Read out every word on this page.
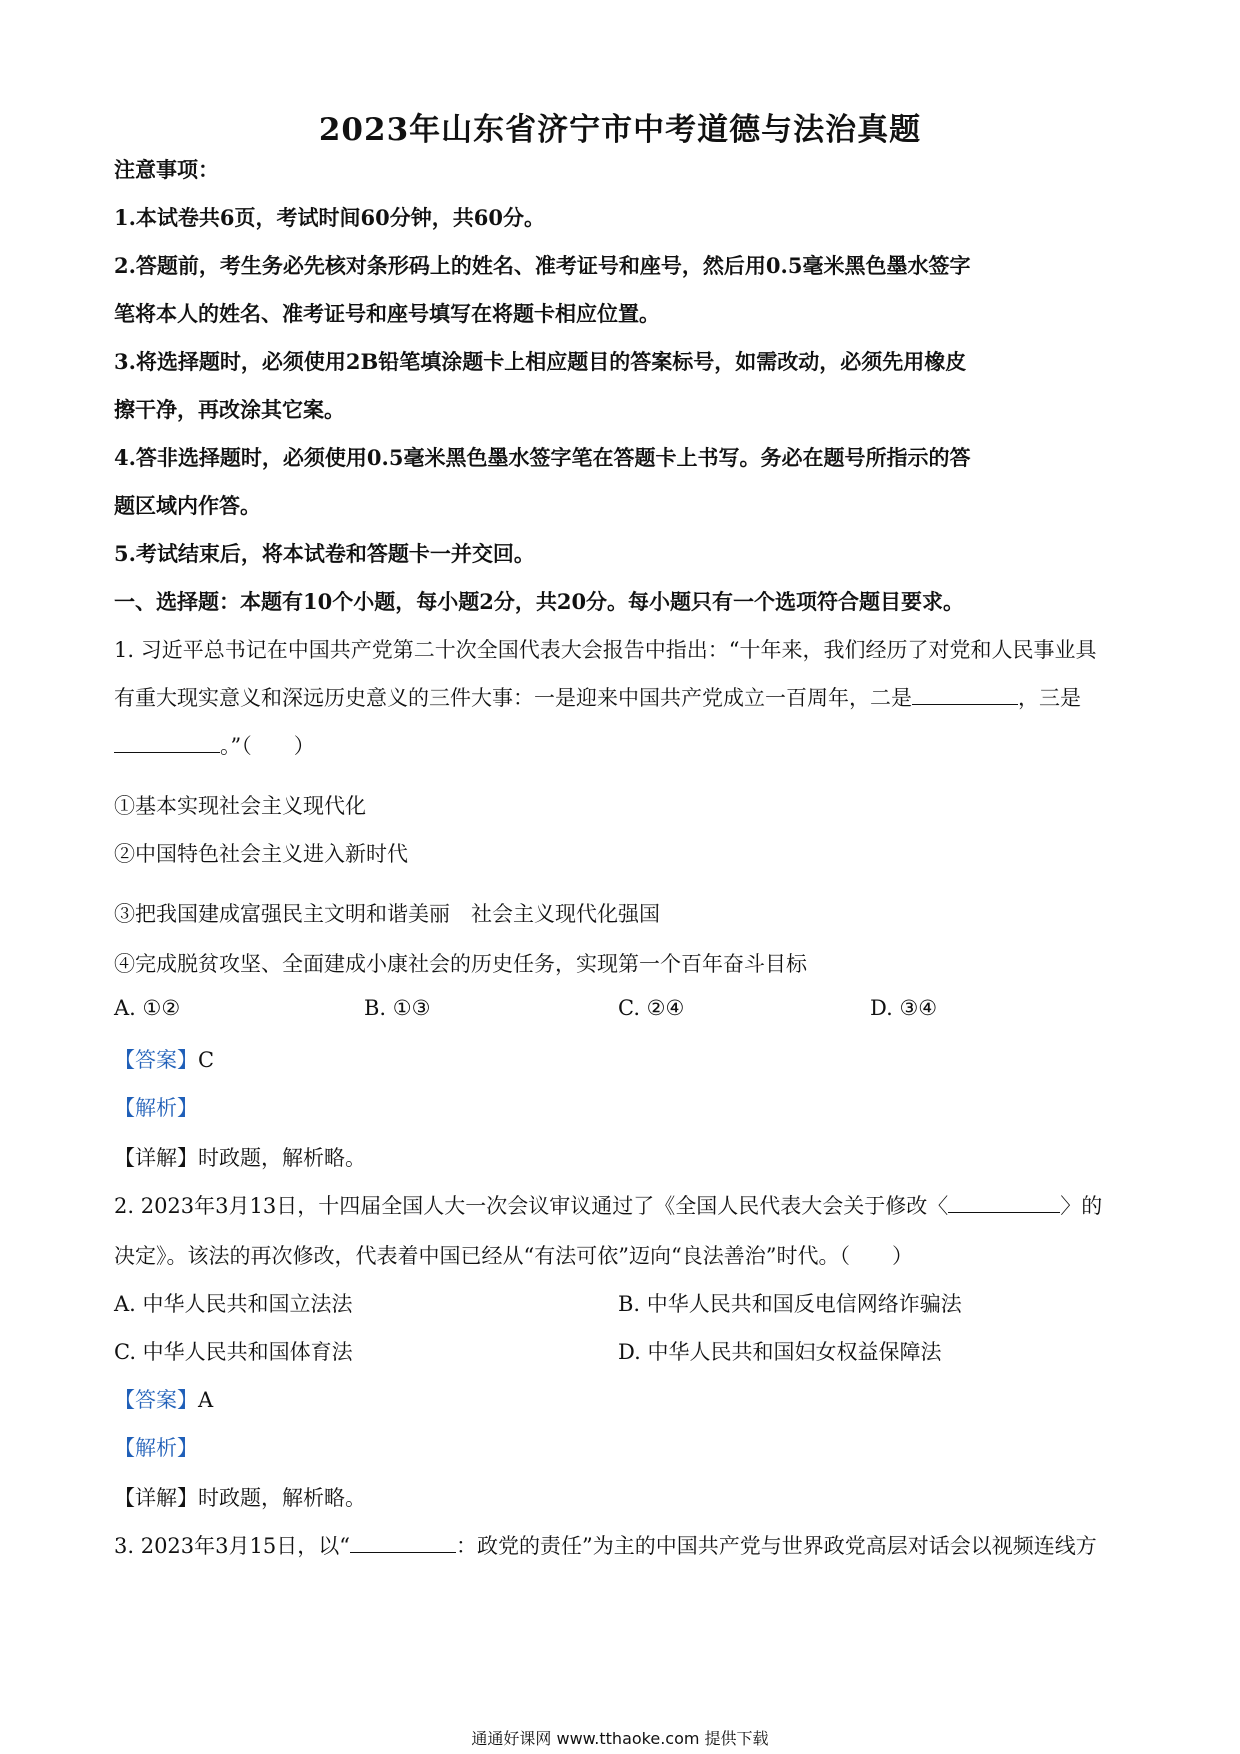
2023年山东省济宁市中考道德与法治真题
注意事项：
1.本试卷共6页，考试时间60分钟，共60分。
2.答题前，考生务必先核对条形码上的姓名、准考证号和座号，然后用0.5毫米黑色墨水签字
笔将本人的姓名、准考证号和座号填写在将题卡相应位置。
3.将选择题时，必须使用2B铅笔填涂题卡上相应题目的答案标号，如需改动，必须先用橡皮
擦干净，再改涂其它案。
4.答非选择题时，必须使用0.5毫米黑色墨水签字笔在答题卡上书写。务必在题号所指示的答
题区域内作答。
5.考试结束后，将本试卷和答题卡一并交回。
一、选择题：本题有10个小题，每小题2分，共20分。每小题只有一个选项符合题目要求。
1. 习近平总书记在中国共产党第二十次全国代表大会报告中指出：“十年来，我们经历了对党和人民事业具
有重大现实意义和深远历史意义的三件大事：一是迎来中国共产党成立一百周年，二是	，三是
。”（　　）
①基本实现社会主义现代化
②中国特色社会主义进入新时代
③把我国建成富强民主文明和谐美丽　社会主义现代化强国
④完成脱贫攻坚、全面建成小康社会的历史任务，实现第一个百年奋斗目标
A. ①②	B. ①③	C. ②④	D. ③④
【答案】C
【解析】
【详解】时政题，解析略。
2. 2023年3月13日，十四届全国人大一次会议审议通过了《全国人民代表大会关于修改〈	〉的
决定》。该法的再次修改，代表着中国已经从“有法可依”迈向“良法善治”时代。（　　）
A. 中华人民共和国立法法	B. 中华人民共和国反电信网络诈骗法
C. 中华人民共和国体育法	D. 中华人民共和国妇女权益保障法
【答案】A
【解析】
【详解】时政题，解析略。
3. 2023年3月15日，以“	：政党的责任”为主的中国共产党与世界政党高层对话会以视频连线方
通通好课网 www.tthaoke.com 提供下载
